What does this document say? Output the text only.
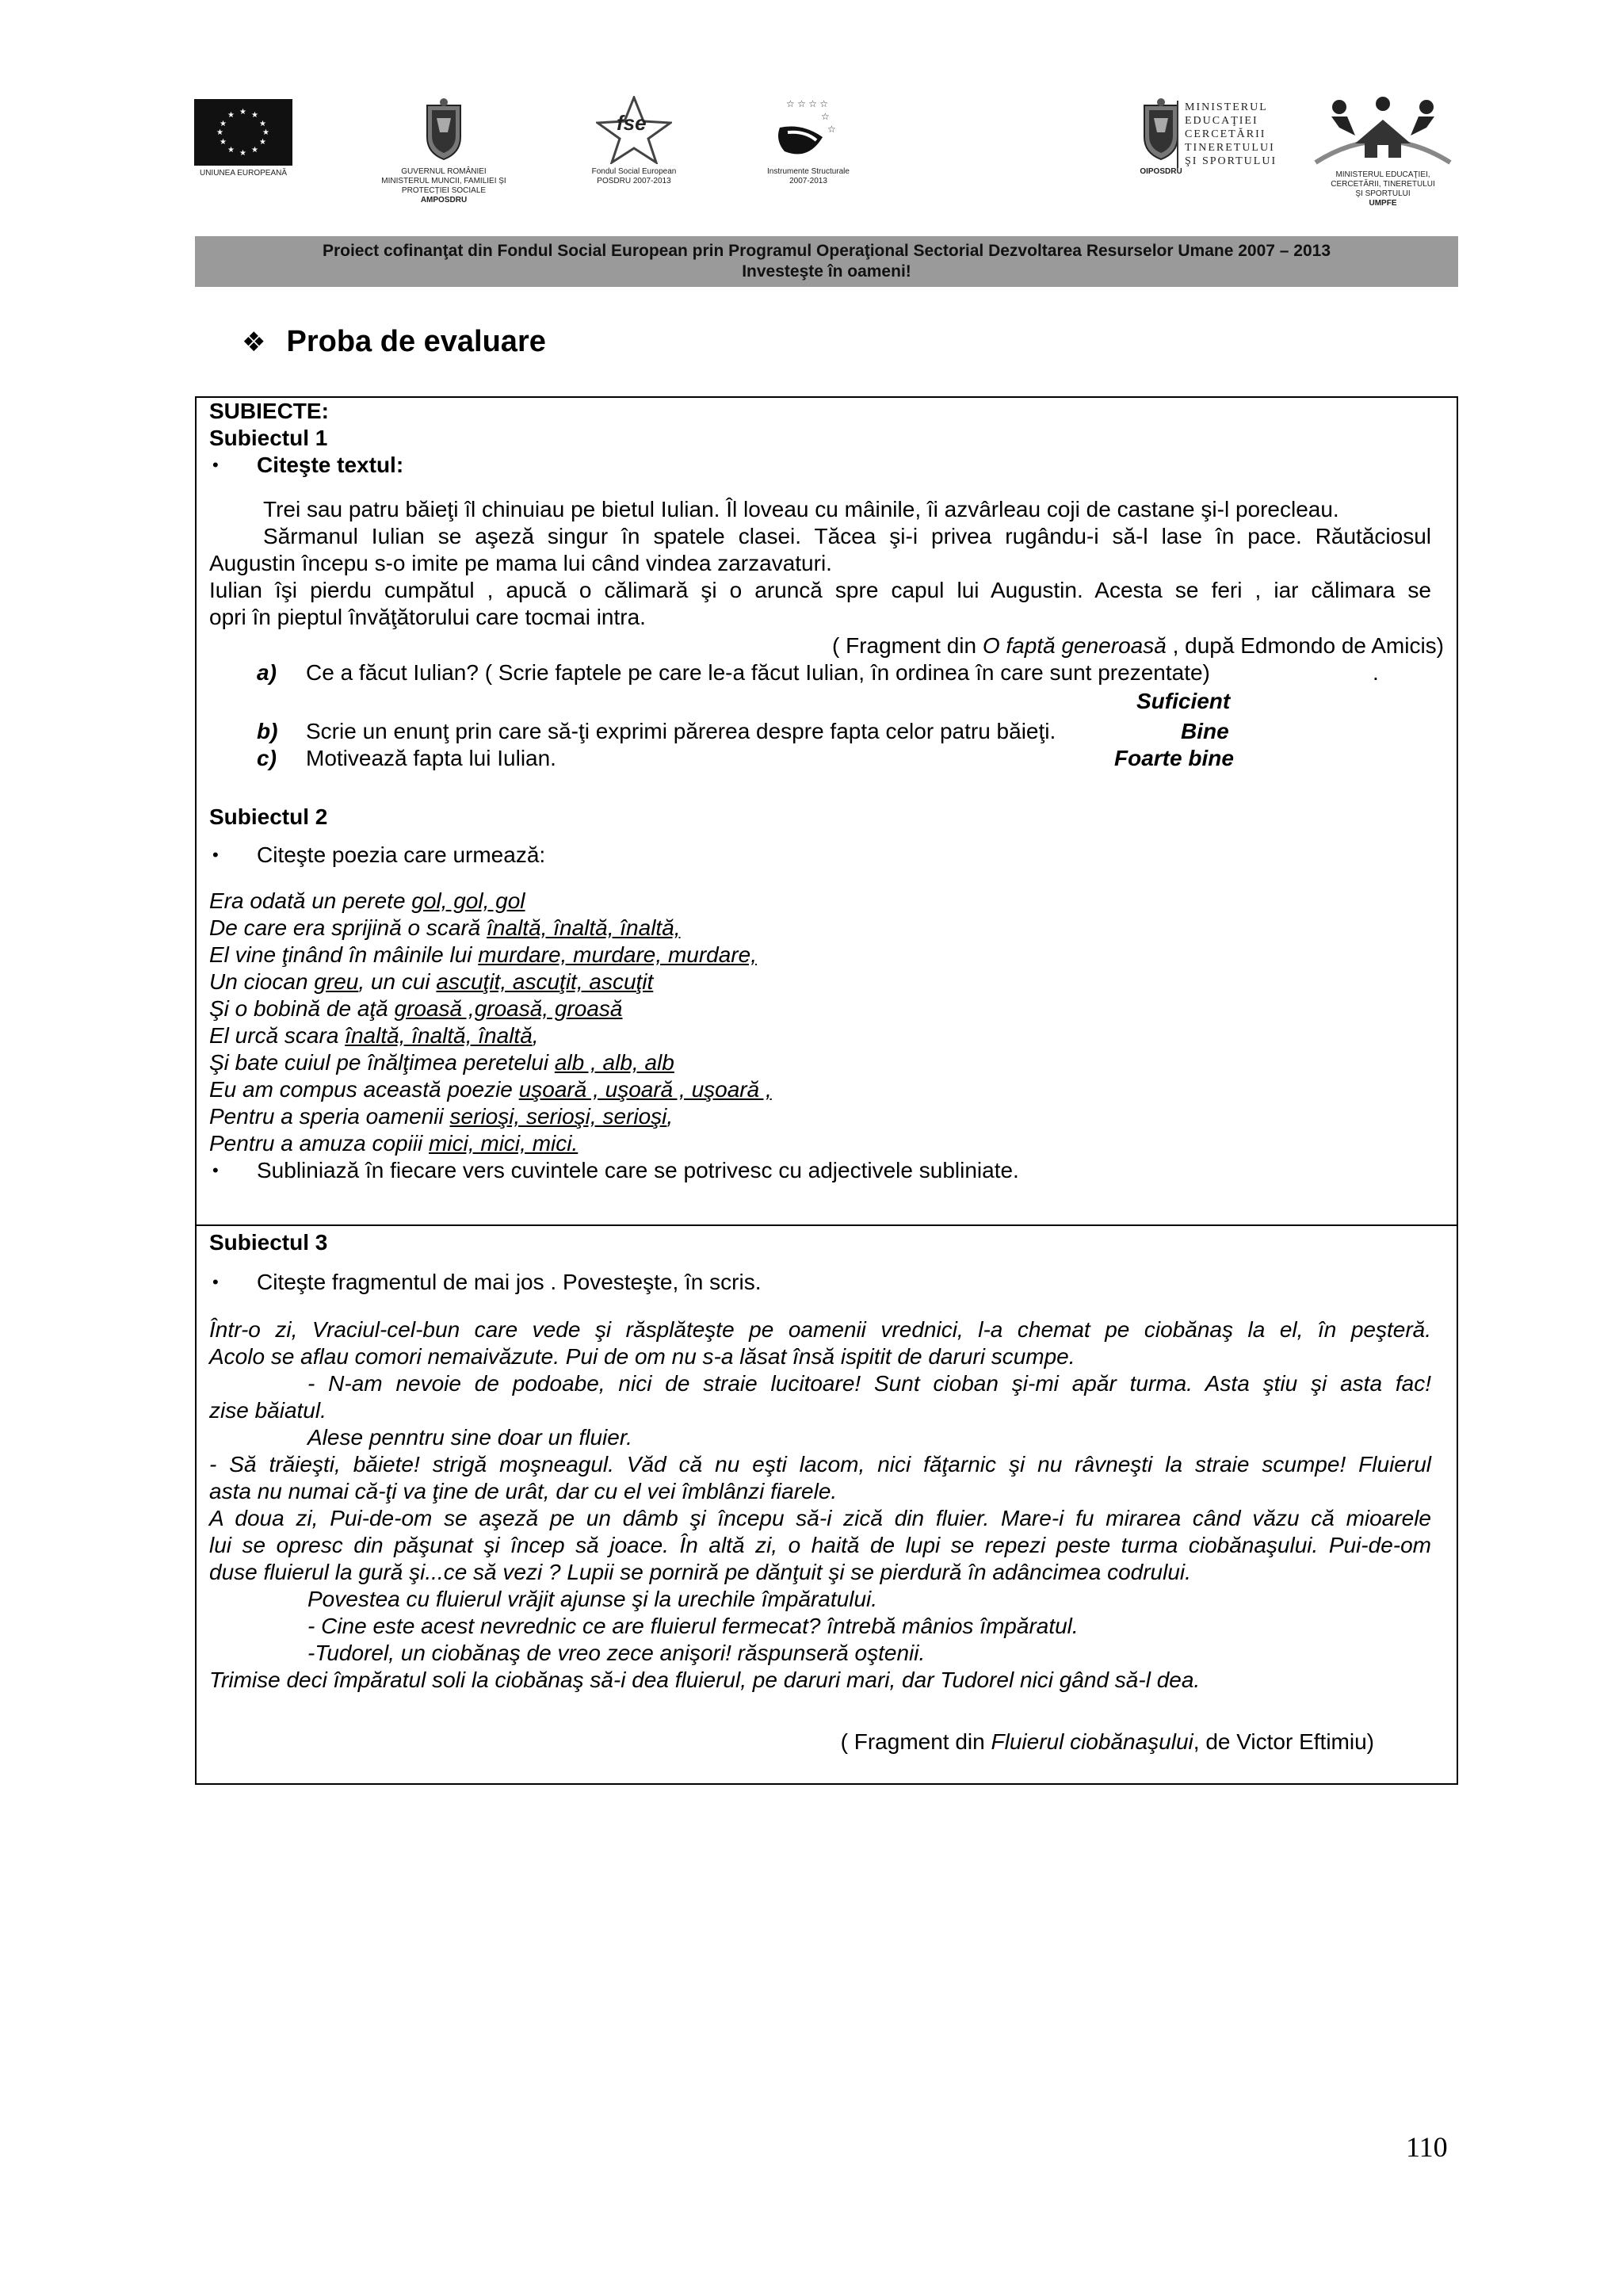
★ ★
★
★
★
★
★
★
★
★
★
★
UNIUNEA EUROPEANĂ	GUVERNUL ROMÂNIEI
MINISTERUL MUNCII, FAMILIEI ȘI
PROTECȚIEI SOCIALE
AMPOSDRU
fse
Fondul Social European
POSDRU 2007-2013
☆ ☆ ☆ ☆
☆
☆
Instrumente Structurale
2007-2013
OIPOSDRU
MINISTERUL
EDUCAŢIEI
CERCETĂRII
TINERETULUI
ŞI SPORTULUI
MINISTERUL EDUCAŢIEI,
CERCETĂRII, TINERETULUI
ŞI SPORTULUI
UMPFE
Proiect cofinanţat din Fondul Social European prin Programul Operaţional Sectorial Dezvoltarea Resurselor Umane 2007 – 2013
Investeşte în oameni!
❖ Proba de evaluare
SUBIECTE:
Subiectul 1
• Citeşte textul:
Trei sau patru băieţi îl chinuiau pe bietul Iulian. Îl loveau cu mâinile, îi azvârleau coji de castane şi-l porecleau.
Sărmanul Iulian se aşeză singur în spatele clasei. Tăcea şi-i privea rugându-i să-l lase în pace. Răutăciosul
Augustin începu s-o imite pe mama lui când vindea zarzavaturi.
Iulian îşi pierdu cumpătul , apucă o călimară şi o aruncă spre capul lui Augustin. Acesta se feri , iar călimara se
opri în pieptul învăţătorului care tocmai intra.
( Fragment din O faptă generoasă , după Edmondo de Amicis)
a) Ce a făcut Iulian? ( Scrie faptele pe care le-a făcut Iulian, în ordinea în care sunt prezentate)	.
Suficient
b) Scrie un enunţ prin care să-ţi exprimi părerea despre fapta celor patru băieţi.	Bine
c) Motivează fapta lui Iulian.	Foarte bine
Subiectul 2
• Citeşte poezia care urmează:
Era odată un perete gol, gol, gol
De care era sprijină o scară înaltă, înaltă, înaltă,
El vine ţinând în mâinile lui murdare, murdare, murdare,
Un ciocan greu, un cui ascuţit, ascuţit, ascuţit
Şi o bobină de aţă groasă ,groasă, groasă
El urcă scara înaltă, înaltă, înaltă,
Şi bate cuiul pe înălţimea peretelui alb , alb, alb
Eu am compus această poezie uşoară , uşoară , uşoară ,
Pentru a speria oamenii serioşi, serioşi, serioşi,
Pentru a amuza copiii mici, mici, mici.
• Subliniază în fiecare vers cuvintele care se potrivesc cu adjectivele subliniate.
Subiectul 3
• Citeşte fragmentul de mai jos . Povesteşte, în scris.
Într-o zi, Vraciul-cel-bun care vede şi răsplăteşte pe oamenii vrednici, l-a chemat pe ciobănaş la el, în peşteră.
Acolo se aflau comori nemaivăzute. Pui de om nu s-a lăsat însă ispitit de daruri scumpe.
- N-am nevoie de podoabe, nici de straie lucitoare! Sunt cioban şi-mi apăr turma. Asta ştiu şi asta fac!
zise băiatul.
Alese penntru sine doar un fluier.
- Să trăieşti, băiete! strigă moşneagul. Văd că nu eşti lacom, nici făţarnic şi nu râvneşti la straie scumpe! Fluierul
asta nu numai că-ţi va ţine de urât, dar cu el vei îmblânzi fiarele.
A doua zi, Pui-de-om se aşeză pe un dâmb şi începu să-i zică din fluier. Mare-i fu mirarea când văzu că mioarele
lui se opresc din păşunat şi încep să joace. În altă zi, o haită de lupi se repezi peste turma ciobănaşului. Pui-de-om
duse fluierul la gură şi...ce să vezi ? Lupii se porniră pe dănţuit şi se pierdură în adâncimea codrului.
Povestea cu fluierul vrăjit ajunse şi la urechile împăratului.
- Cine este acest nevrednic ce are fluierul fermecat? întrebă mânios împăratul.
-Tudorel, un ciobănaş de vreo zece anişori! răspunseră oştenii.
Trimise deci împăratul soli la ciobănaş să-i dea fluierul, pe daruri mari, dar Tudorel nici gând să-l dea.
( Fragment din Fluierul ciobănaşului, de Victor Eftimiu)
110
